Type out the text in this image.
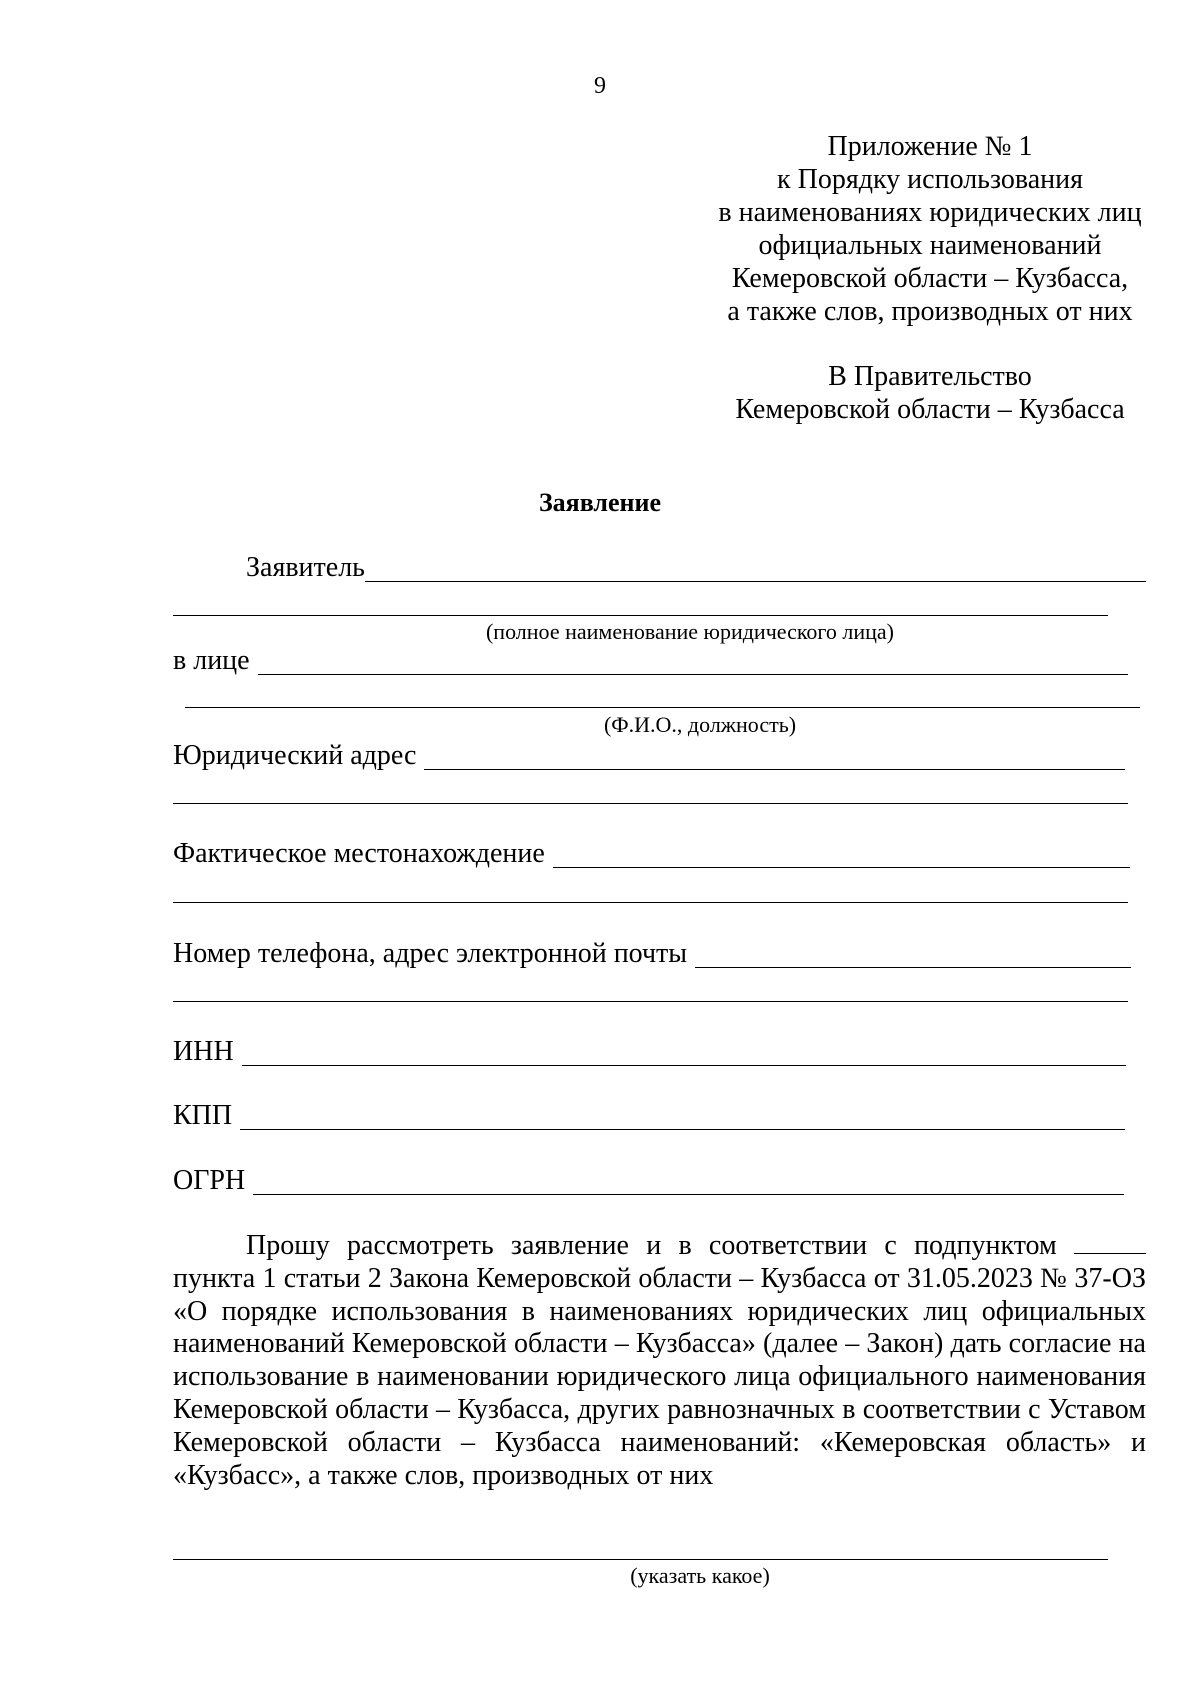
9
Приложение № 1
к Порядку использования
в наименованиях юридических лиц
официальных наименований
Кемеровской области – Кузбасса,
а также слов, производных от них
В Правительство
Кемеровской области – Кузбасса
Заявление
Заявитель
(полное наименование юридического лица)
в лице
(Ф.И.О., должность)
Юридический адрес
Фактическое местонахождение
Номер телефона, адрес электронной почты
ИНН
КПП
ОГРН
Прошу рассмотреть заявление и в соответствии с подпунктом  пункта 1 статьи 2 Закона Кемеровской области – Кузбасса от 31.05.2023 № 37-ОЗ «О порядке использования в наименованиях юридических лиц официальных наименований Кемеровской области – Кузбасса» (далее – Закон) дать согласие на использование в наименовании юридического лица официального наименования Кемеровской области – Кузбасса, других равнозначных в соответствии с Уставом Кемеровской области – Кузбасса наименований: «Кемеровская область» и «Кузбасс», а также слов, производных от них
(указать какое)
